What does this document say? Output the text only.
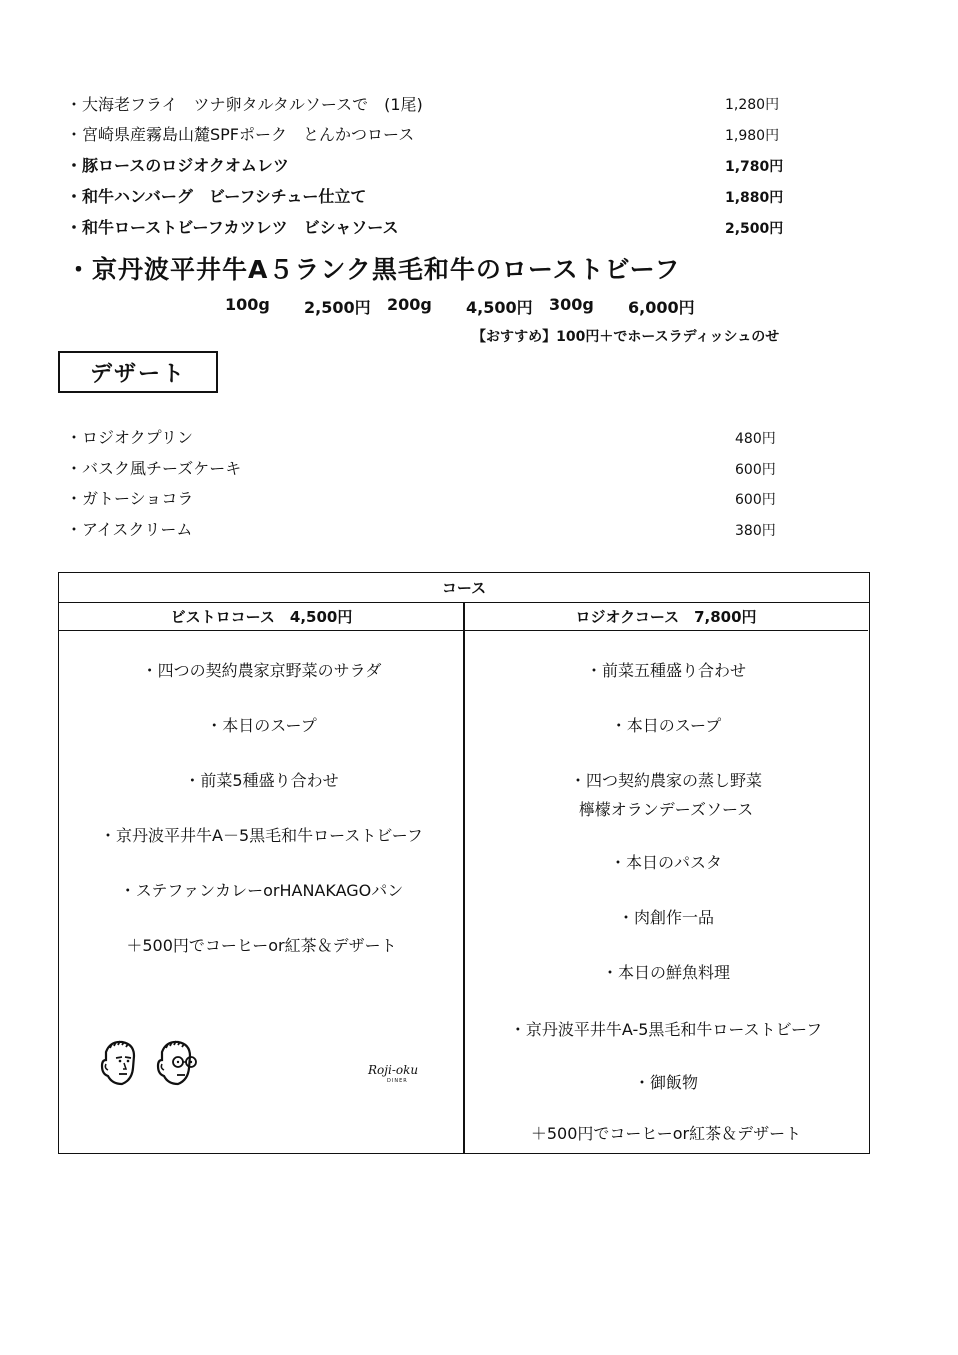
・大海老フライ　ツナ卵タルタルソースで　(1尾)	1,280円
・宮崎県産霧島山麓SPFポーク　とんかつロース	1,980円
・豚ロースのロジオクオムレツ	1,780円
・和牛ハンバーグ　ビーフシチュー仕立て	1,880円
・和牛ローストビーフカツレツ　ビシャソース	2,500円
・京丹波平井牛A５ランク黒毛和牛のローストビーフ
100g 2,500円 200g 4,500円 300g 6,000円
【おすすめ】100円＋でホースラディッシュのせ
デザート
・ロジオクプリン	480円
・バスク風チーズケーキ	600円
・ガトーショコラ	600円
・アイスクリーム	380円
コース
ビストロコース　4,500円	ロジオクコース　7,800円
・四つの契約農家京野菜のサラダ
・本日のスープ
・前菜5種盛り合わせ
・京丹波平井牛A－5黒毛和牛ローストビーフ
・ステファンカレーorHANAKAGOパン
＋500円でコーヒーor紅茶＆デザート
・前菜五種盛り合わせ
・本日のスープ
・四つ契約農家の蒸し野菜
檸檬オランデーズソース
・本日のパスタ
・肉創作一品
・本日の鮮魚料理
・京丹波平井牛A-5黒毛和牛ローストビーフ
・御飯物
＋500円でコーヒーor紅茶＆デザート
Roji-oku
DINER
